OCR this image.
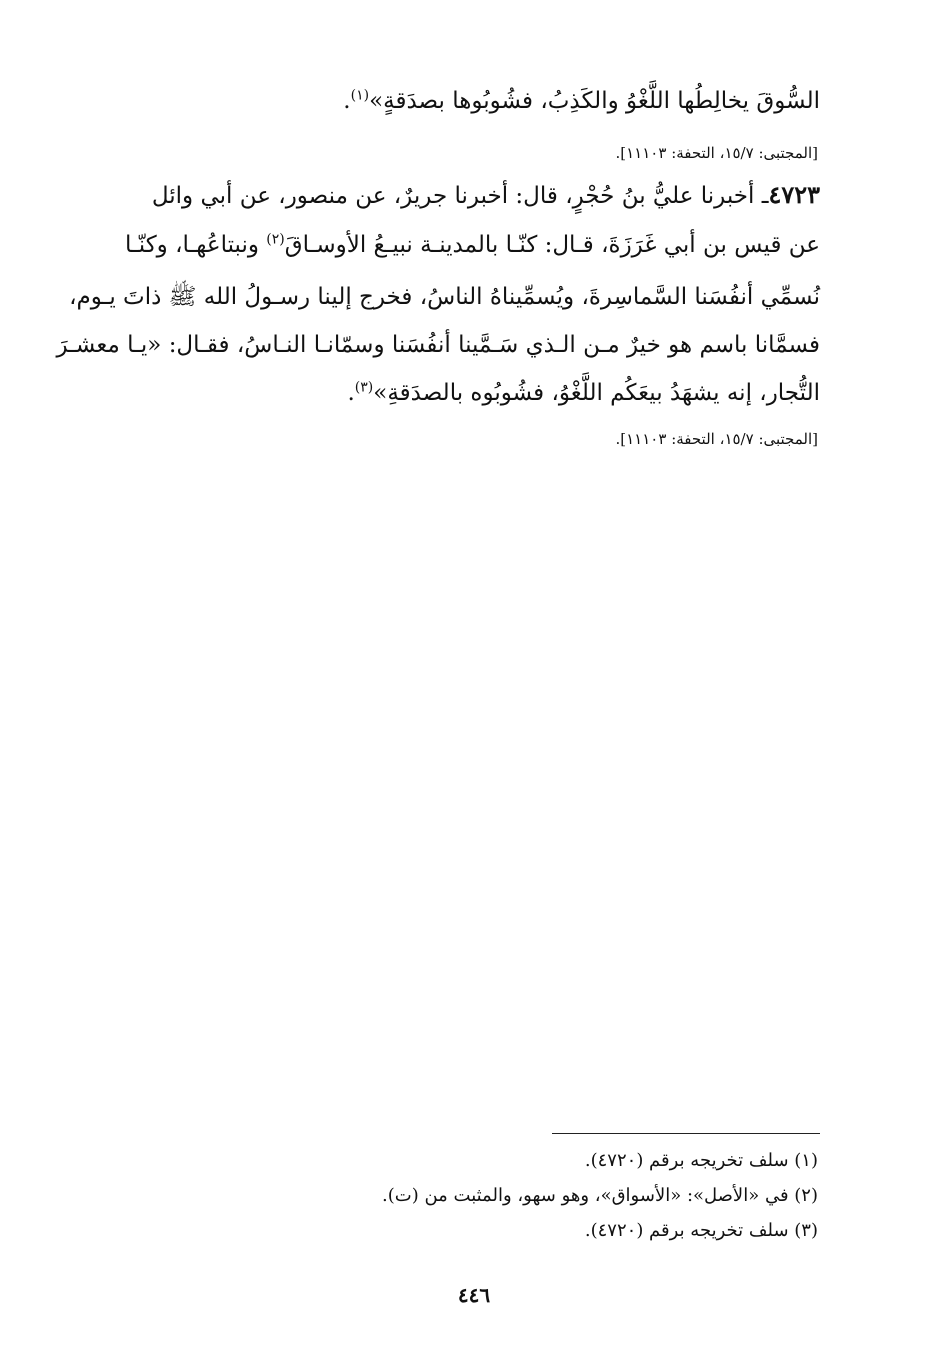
السُّوقَ يخالِطُها اللَّغْوُ والكَذِبُ، فشُوبُوها بصدَقةٍ»$^{(١)}$.
[المجتبى: ١٥/٧، التحفة: ١١١٠٣].
٤٧٢٣ـ أخبرنا عليُّ بنُ حُجْرٍ، قال: أخبرنا جريرٌ، عن منصور، عن أبي وائل
عن قيس بن أبي غَرَزَةَ، قـال: كنّـا بالمدينـة نبيـعُ الأوسـاقَ$^{(٢)}$ ونبتاعُهـا، وكنّـا
نُسمِّي أنفُسَنا السَّماسِرةَ، ويُسمِّيناهُ الناسُ، فخرج إلينا رسـولُ الله ﷺ ذاتَ يـوم،
فسمَّانا باسم هو خيرٌ مـن الـذي سَـمَّينا أنفُسَنا وسمّانـا النـاسُ، فقـال: «يـا معشـرَ
التُّجار، إنه يشهَدُ بيعَكُم اللَّغْوُ، فشُوبُوه بالصدَقةِ»$^{(٣)}$.
[المجتبى: ١٥/٧، التحفة: ١١١٠٣].
(١) سلف تخريجه برقم (٤٧٢٠).
(٢) في «الأصل»: «الأسواق»، وهو سهو، والمثبت من (ت).
(٣) سلف تخريجه برقم (٤٧٢٠).
٤٤٦
